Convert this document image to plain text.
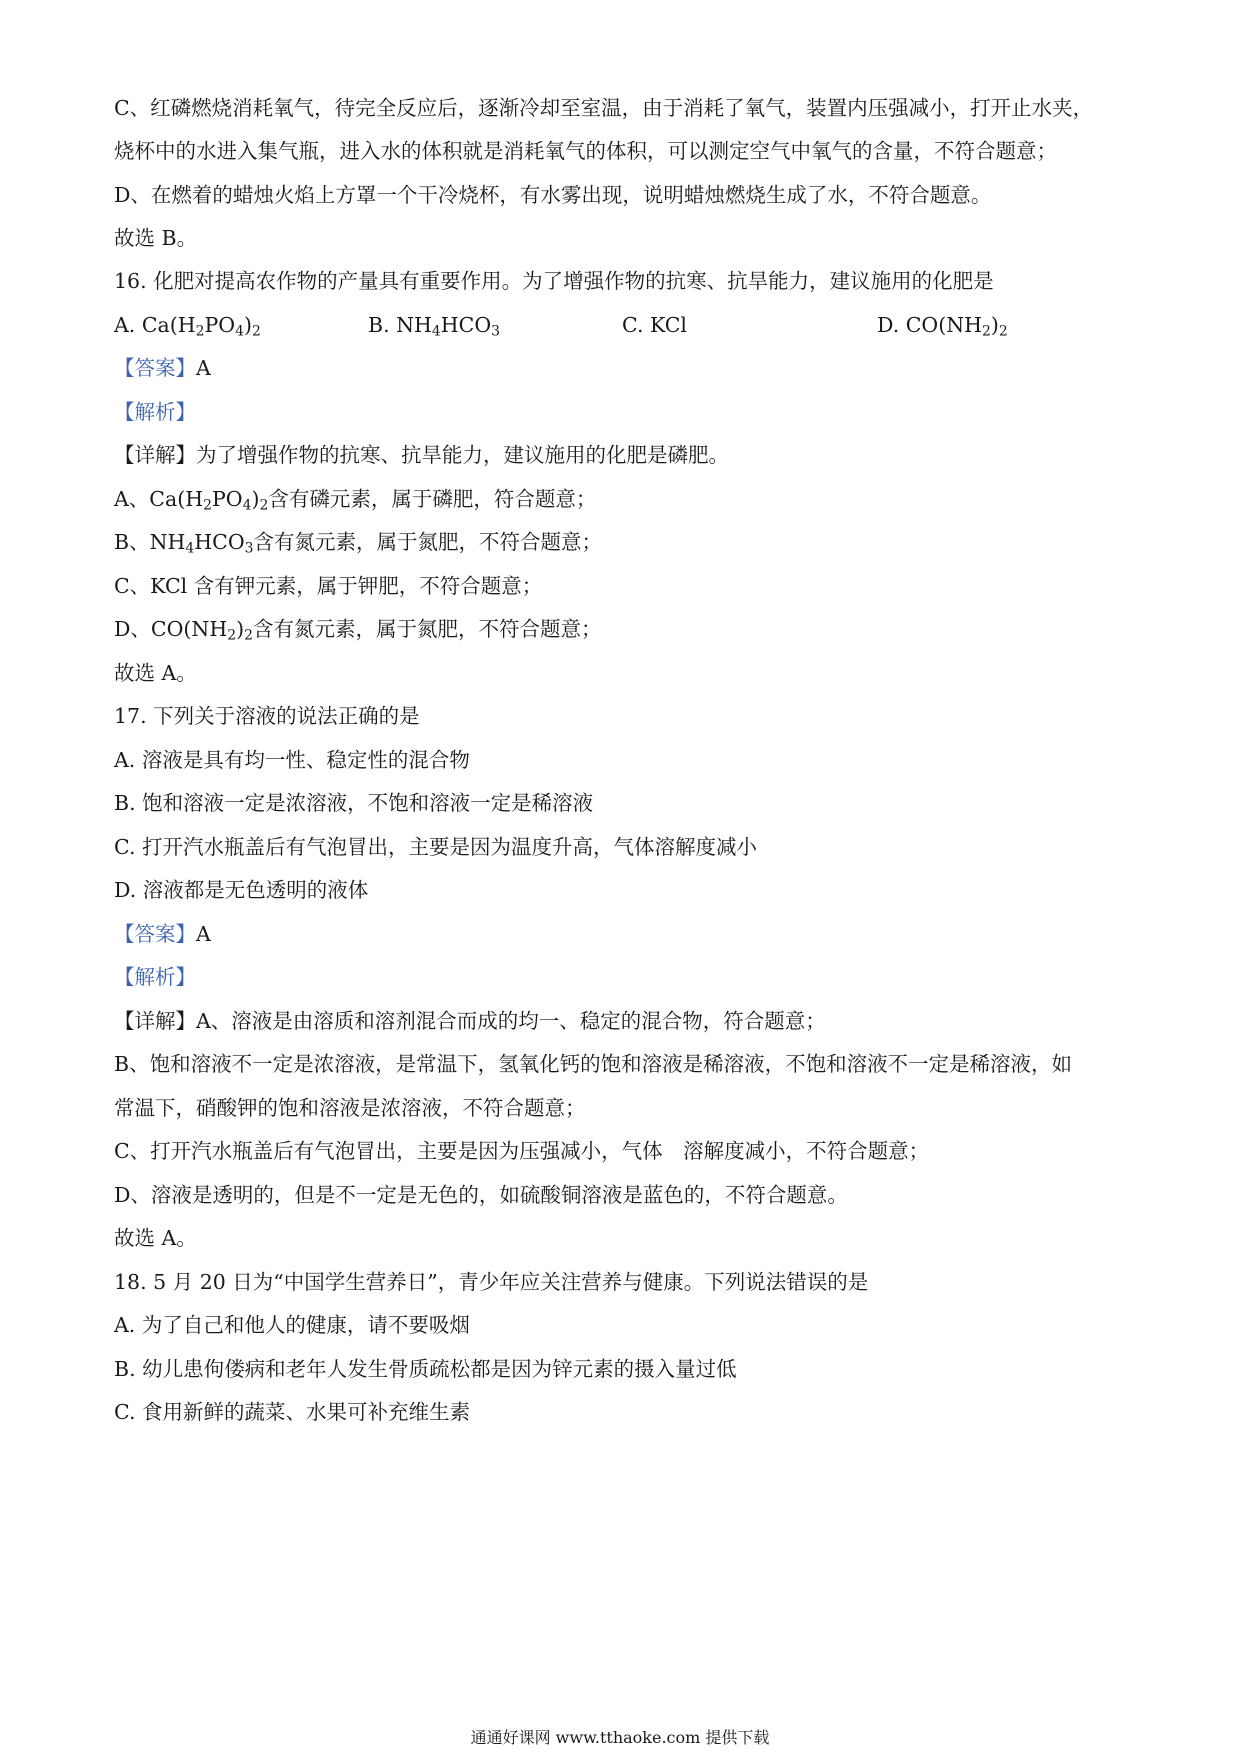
C、红磷燃烧消耗氧气，待完全反应后，逐渐冷却至室温，由于消耗了氧气，装置内压强减小，打开止水夹，
烧杯中的水进入集气瓶，进入水的体积就是消耗氧气的体积，可以测定空气中氧气的含量，不符合题意；
D、在燃着的蜡烛火焰上方罩一个干冷烧杯，有水雾出现，说明蜡烛燃烧生成了水，不符合题意。
故选 B。
16. 化肥对提高农作物的产量具有重要作用。为了增强作物的抗寒、抗旱能力，建议施用的化肥是
A. $Ca(H_2PO_4)_2$	B. $NH_4HCO_3$	C. KCl	D. $CO(NH_2)_2$
【答案】A
【解析】
【详解】为了增强作物的抗寒、抗旱能力，建议施用的化肥是磷肥。
A、$Ca(H_2PO_4)_2$含有磷元素，属于磷肥，符合题意；
B、$NH_4HCO_3$含有氮元素，属于氮肥，不符合题意；
C、KCl 含有钾元素，属于钾肥，不符合题意；
D、$CO(NH_2)_2$含有氮元素，属于氮肥，不符合题意；
故选 A。
17. 下列关于溶液的说法正确的是
A. 溶液是具有均一性、稳定性的混合物
B. 饱和溶液一定是浓溶液，不饱和溶液一定是稀溶液
C. 打开汽水瓶盖后有气泡冒出，主要是因为温度升高，气体溶解度减小
D. 溶液都是无色透明的液体
【答案】A
【解析】
【详解】A、溶液是由溶质和溶剂混合而成的均一、稳定的混合物，符合题意；
B、饱和溶液不一定是浓溶液，是常温下，氢氧化钙的饱和溶液是稀溶液，不饱和溶液不一定是稀溶液，如
常温下，硝酸钾的饱和溶液是浓溶液，不符合题意；
C、打开汽水瓶盖后有气泡冒出，主要是因为压强减小，气体　溶解度减小，不符合题意；
D、溶液是透明的，但是不一定是无色的，如硫酸铜溶液是蓝色的，不符合题意。
故选 A。
18. 5 月 20 日为“中国学生营养日”，青少年应关注营养与健康。下列说法错误的是
A. 为了自己和他人的健康，请不要吸烟
B. 幼儿患佝偻病和老年人发生骨质疏松都是因为锌元素的摄入量过低
C. 食用新鲜的蔬菜、水果可补充维生素
通通好课网 www.tthaoke.com 提供下载
